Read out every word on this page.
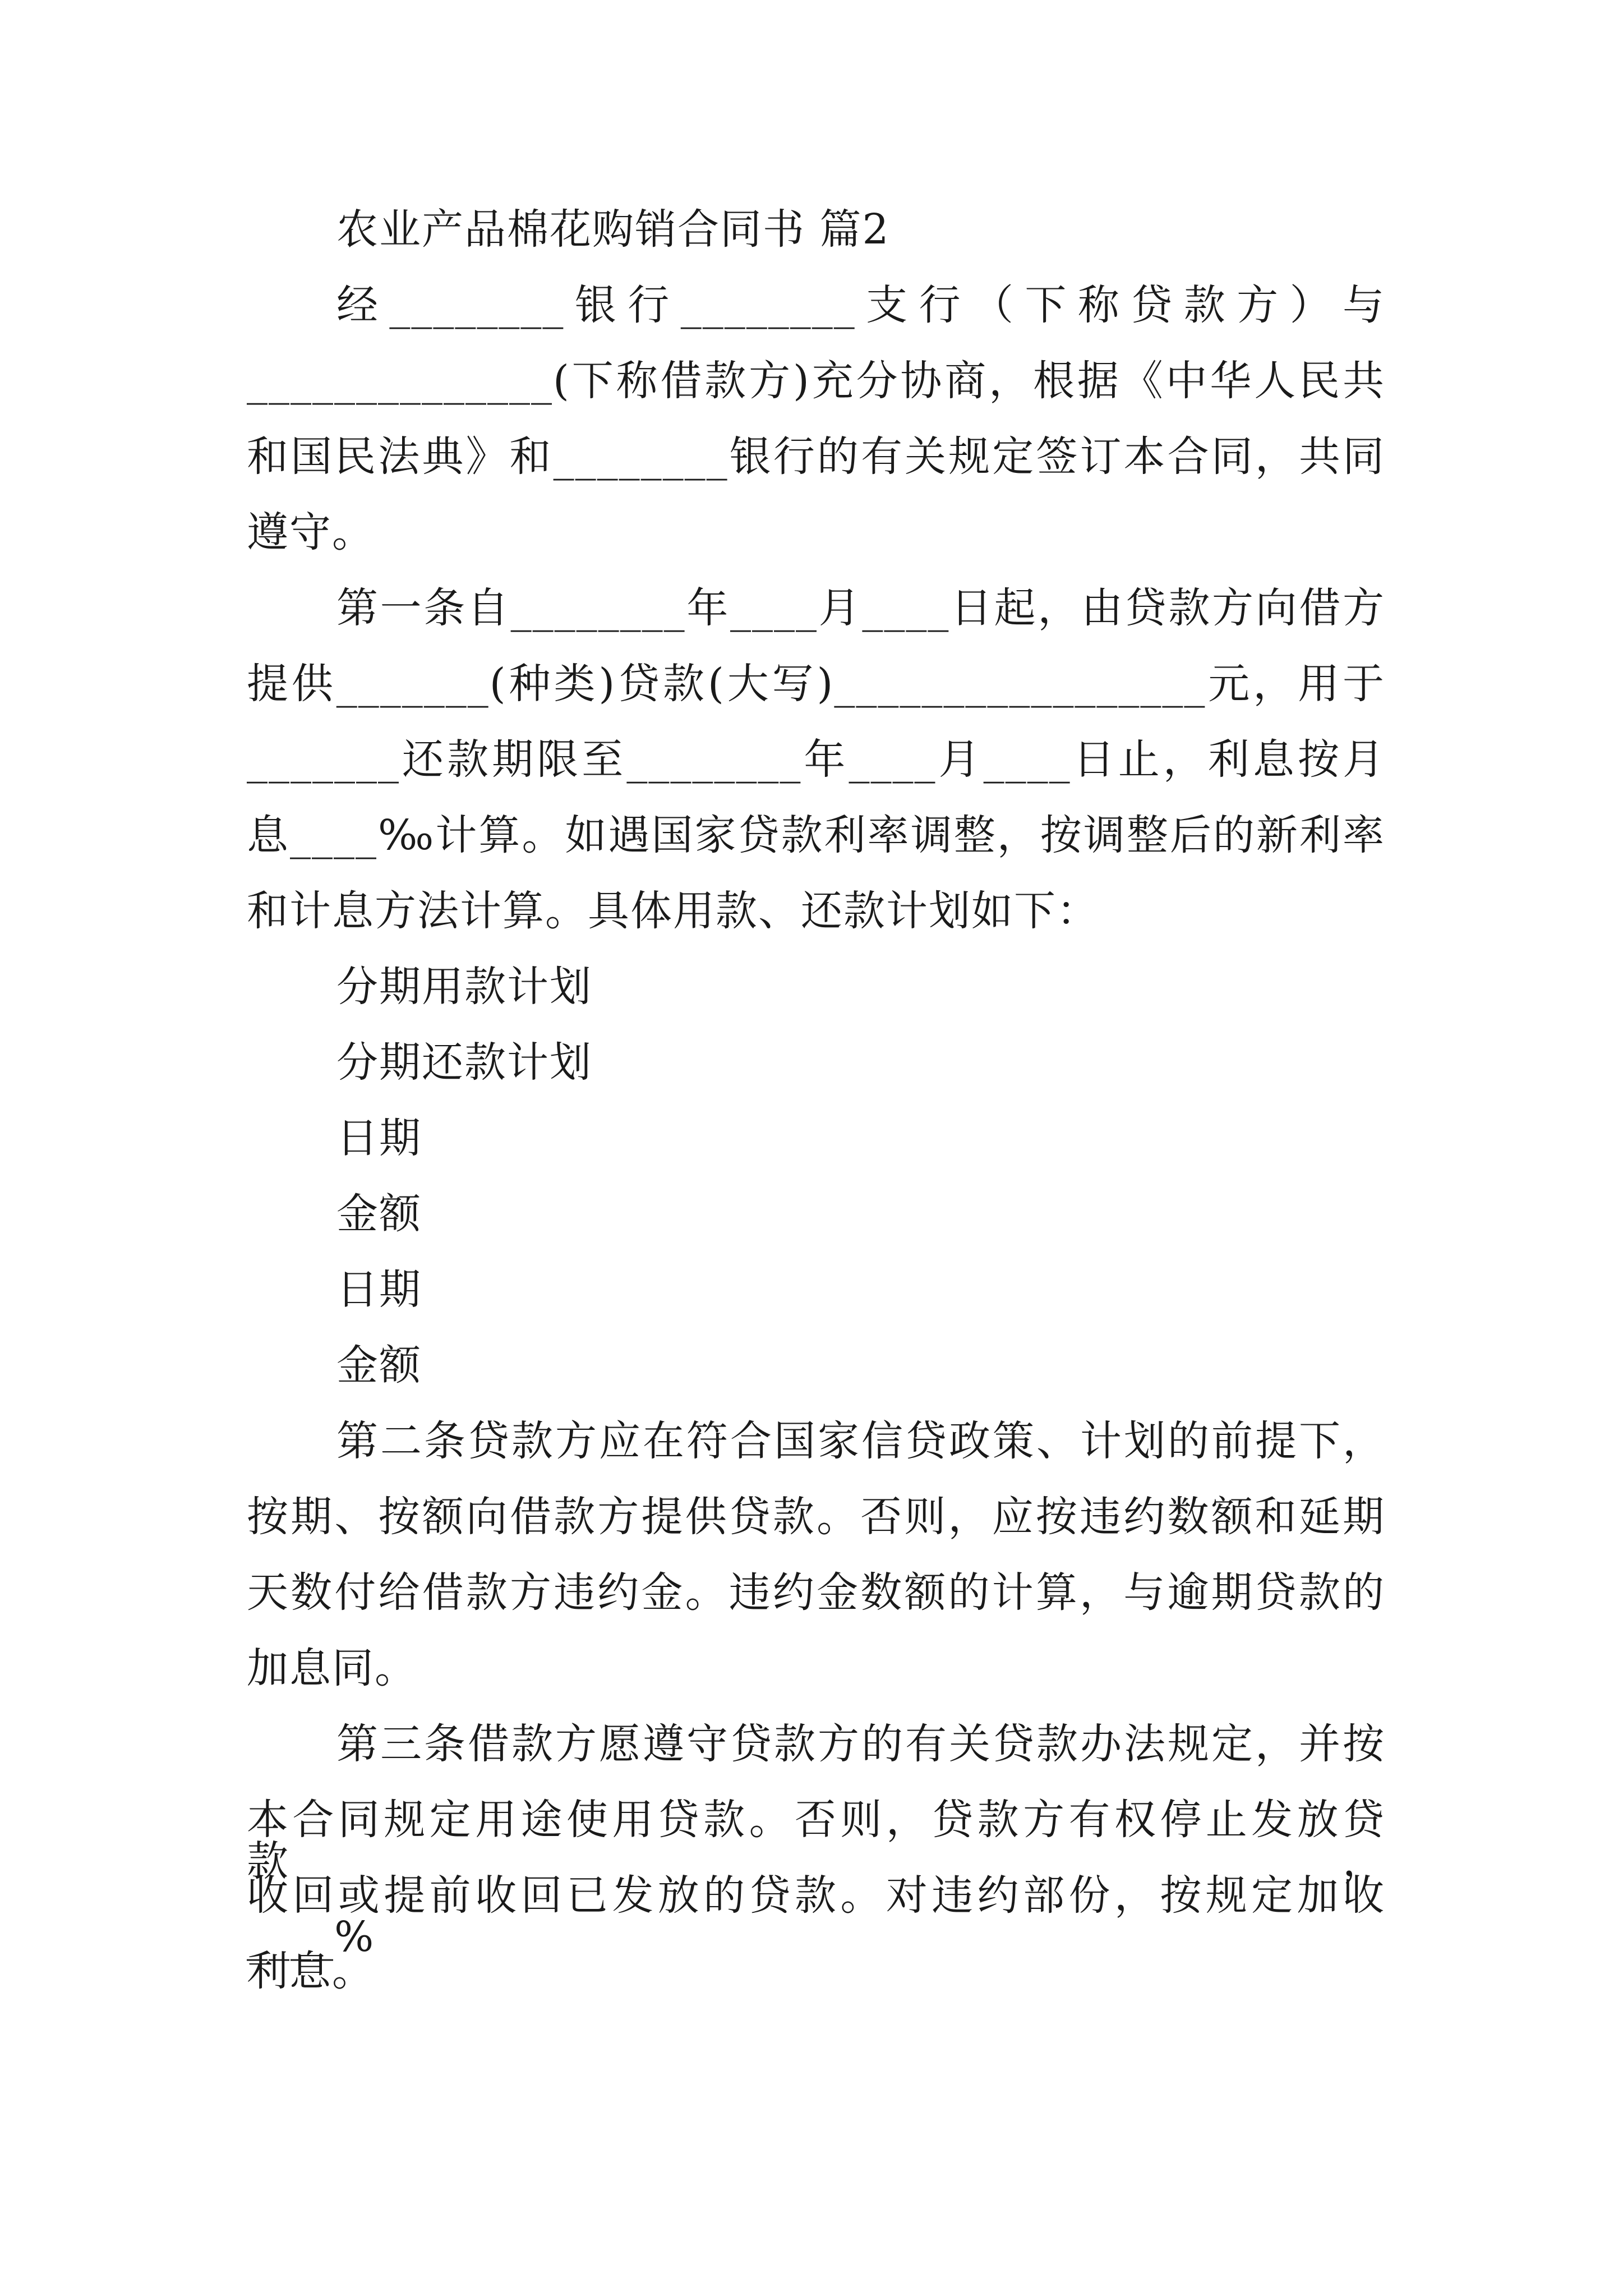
农业产品棉花购销合同书 篇2
经________银行________支行（下称贷款方）与
______________(下称借款方)充分协商，根据《中华人民共
和国民法典》和________银行的有关规定签订本合同，共同
遵守。
第一条自________年____月____日起，由贷款方向借方
提供_______(种类)贷款(大写)_________________元，用于
_______还款期限至________年____月____日止，利息按月
息____‰计算。如遇国家贷款利率调整，按调整后的新利率
和计息方法计算。具体用款、还款计划如下：
分期用款计划
分期还款计划
日期
金额
日期
金额
第二条贷款方应在符合国家信贷政策、计划的前提下，
按期、按额向借款方提供贷款。否则，应按违约数额和延期
天数付给借款方违约金。违约金数额的计算，与逾期贷款的
加息同。
第三条借款方愿遵守贷款方的有关贷款办法规定，并按
本合同规定用途使用贷款。否则，贷款方有权停止发放贷款，
收回或提前收回已发放的贷款。对违约部份，按规定加收____%
利息。
